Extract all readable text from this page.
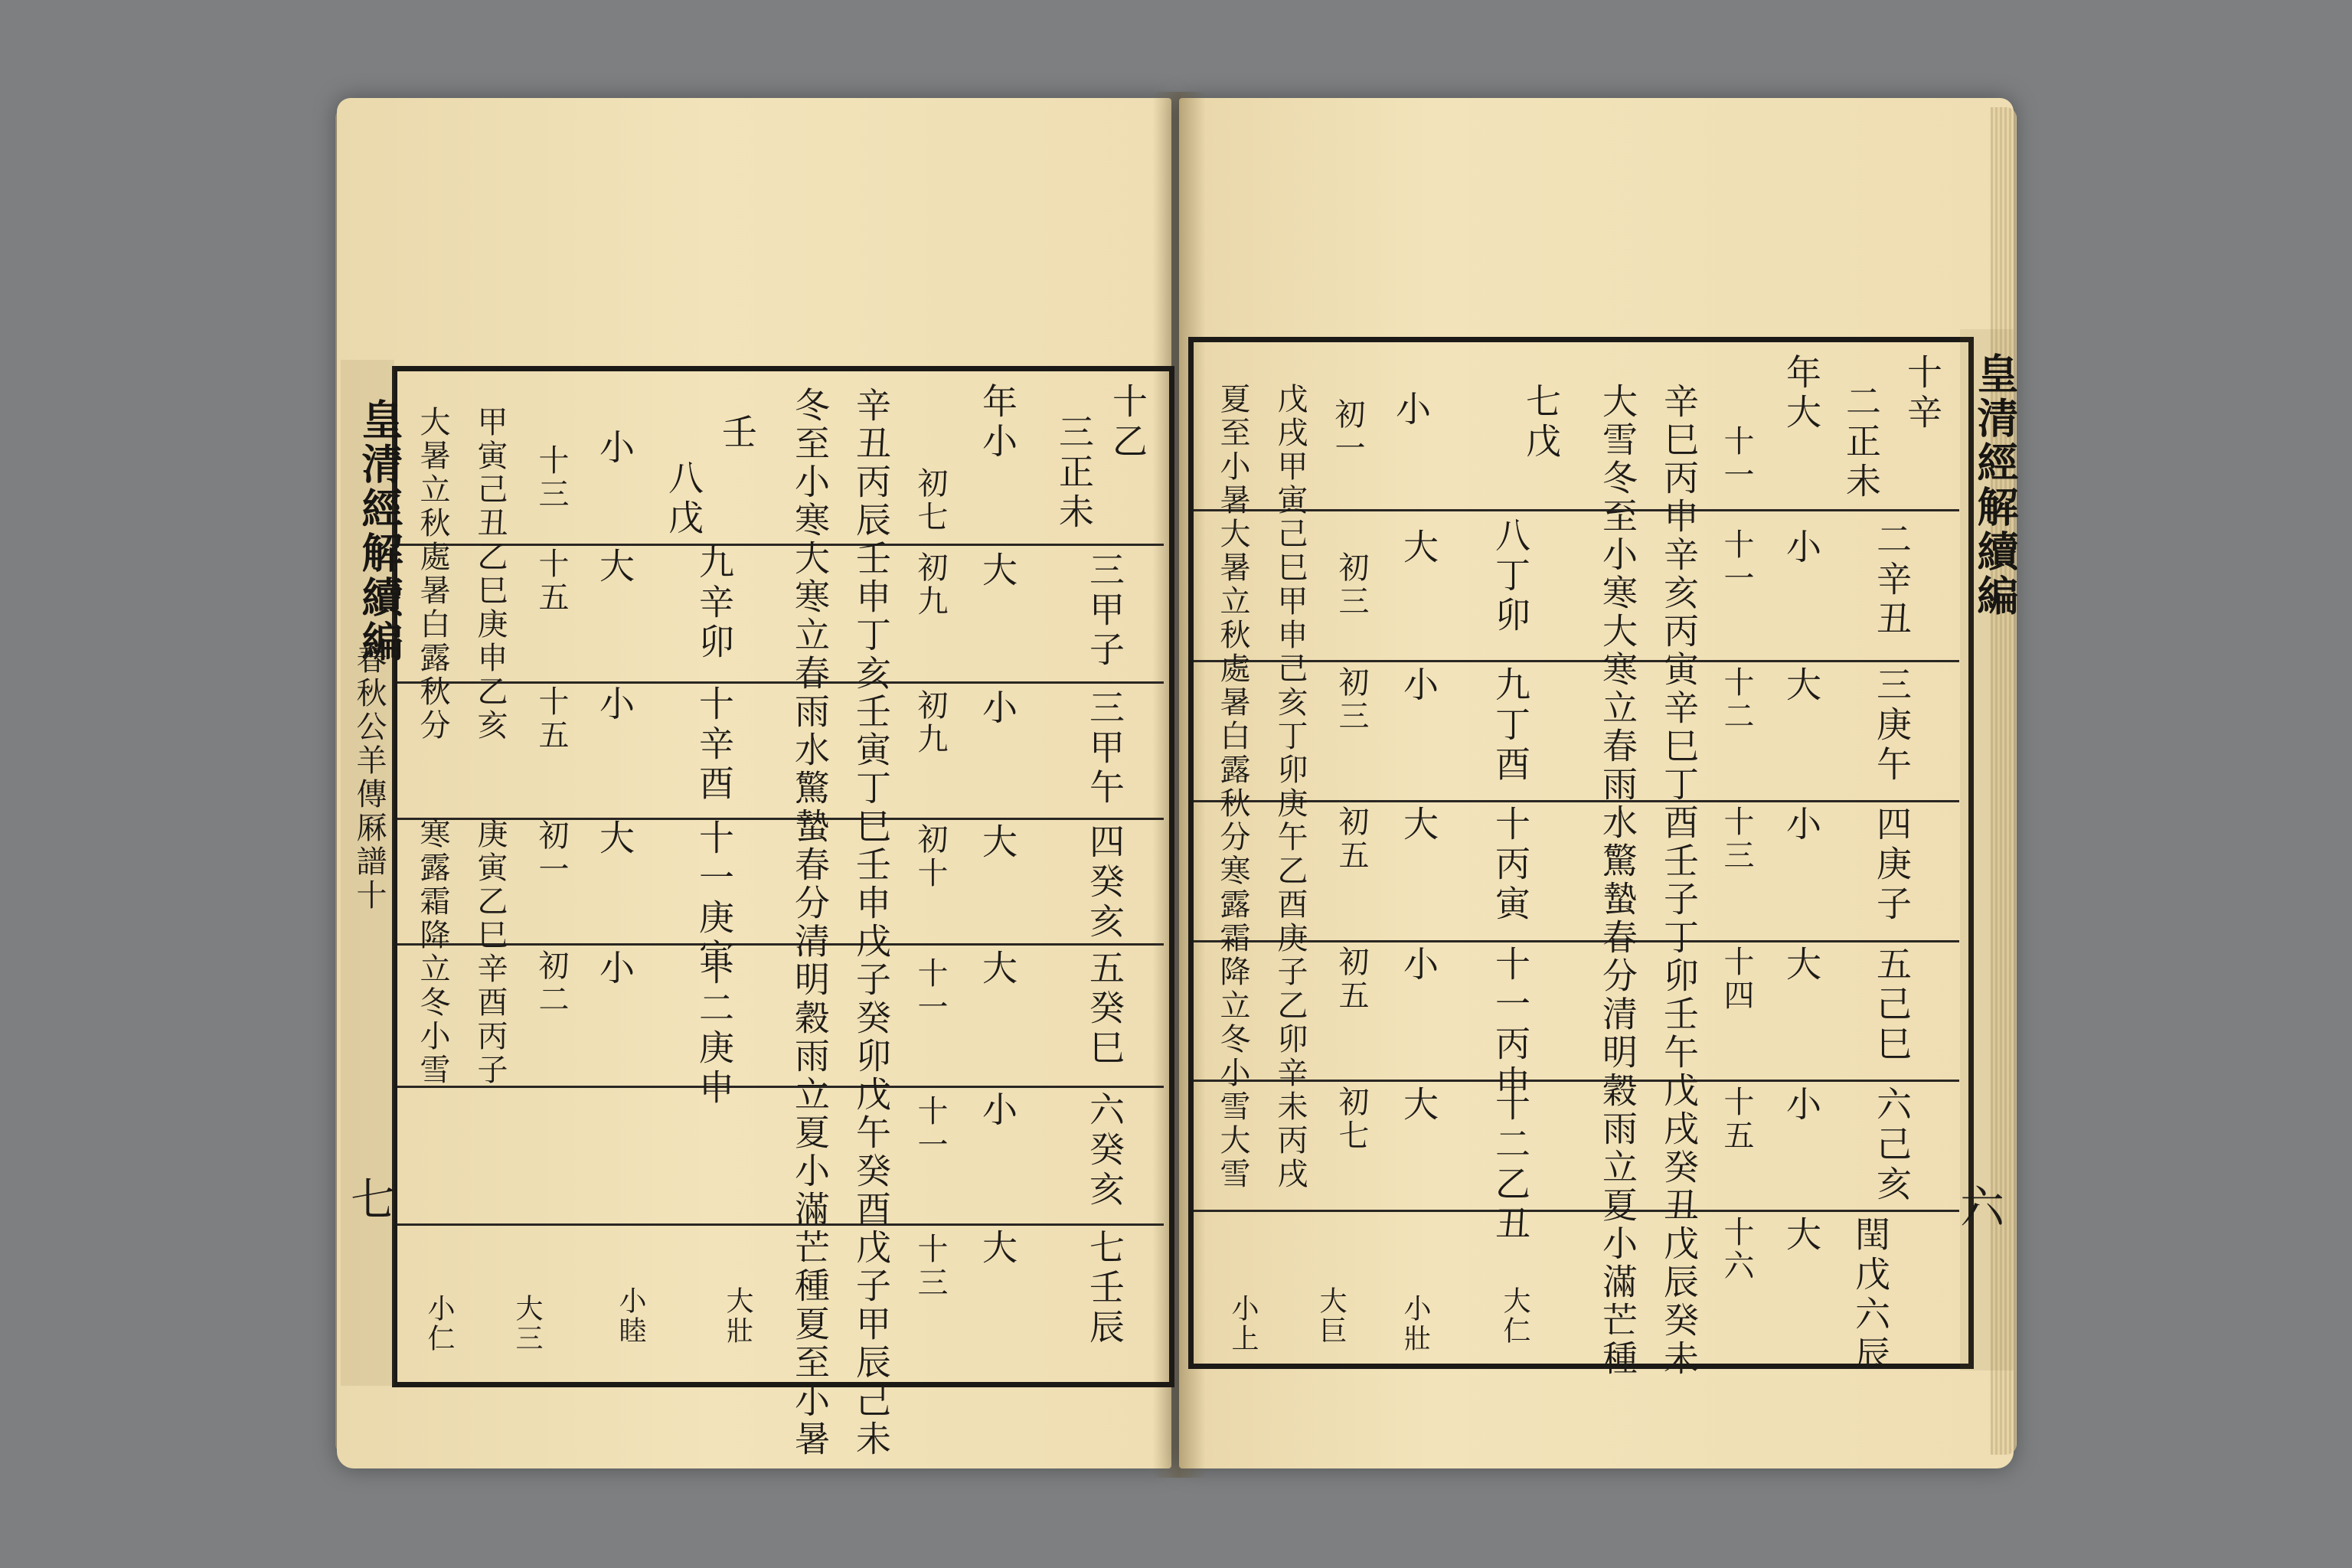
皇清經解續編
春秋公羊傳厤譜十
七
十乙
三正未
年小
初七
三甲子
大
初九
三甲午
小
初九
四癸亥
大
初十
五癸巳
大
十一
六癸亥
小
十一
七壬辰
大
十三
辛丑丙辰壬申丁亥壬寅丁巳壬申戊子癸卯戊午癸酉戊子甲辰己未
冬至小寒大寒立春雨水驚蟄春分清明穀雨立夏小滿芒種夏至小暑
壬
八戊
九辛卯
十辛酉
十一庚寅
十二庚申
小
大
小
大
小
十三
十五
十五
初一
初二
甲寅己丑乙巳庚申乙亥
庚寅乙巳辛酉丙子
大暑立秋處暑白露秋分
寒露霜降立冬小雪
大壯
小睦
大三
小仁
皇清經解續編
六
十辛
二正未
年大
十一
二辛丑
三庚午
四庚子
五己巳
六己亥
閏戊六辰
小
大
小
大
小
大
十一
十二
十三
十四
十五
十六
辛巳丙申辛亥丙寅辛巳丁酉壬子丁卯壬午戊戌癸丑戊辰癸未
大雪冬至小寒大寒立春雨水驚蟄春分清明穀雨立夏小滿芒種
七戊
小
初一
八丁卯
九丁酉
十丙寅
十一丙申
十二乙丑
大
小
大
小
大
初三
初三
初五
初五
初七
戊戌甲寅己巳甲申己亥丁卯庚午乙酉庚子乙卯辛未丙戌
夏至小暑大暑立秋處暑白露秋分寒露霜降立冬小雪大雪
大仁
小壯
大巨
小上
